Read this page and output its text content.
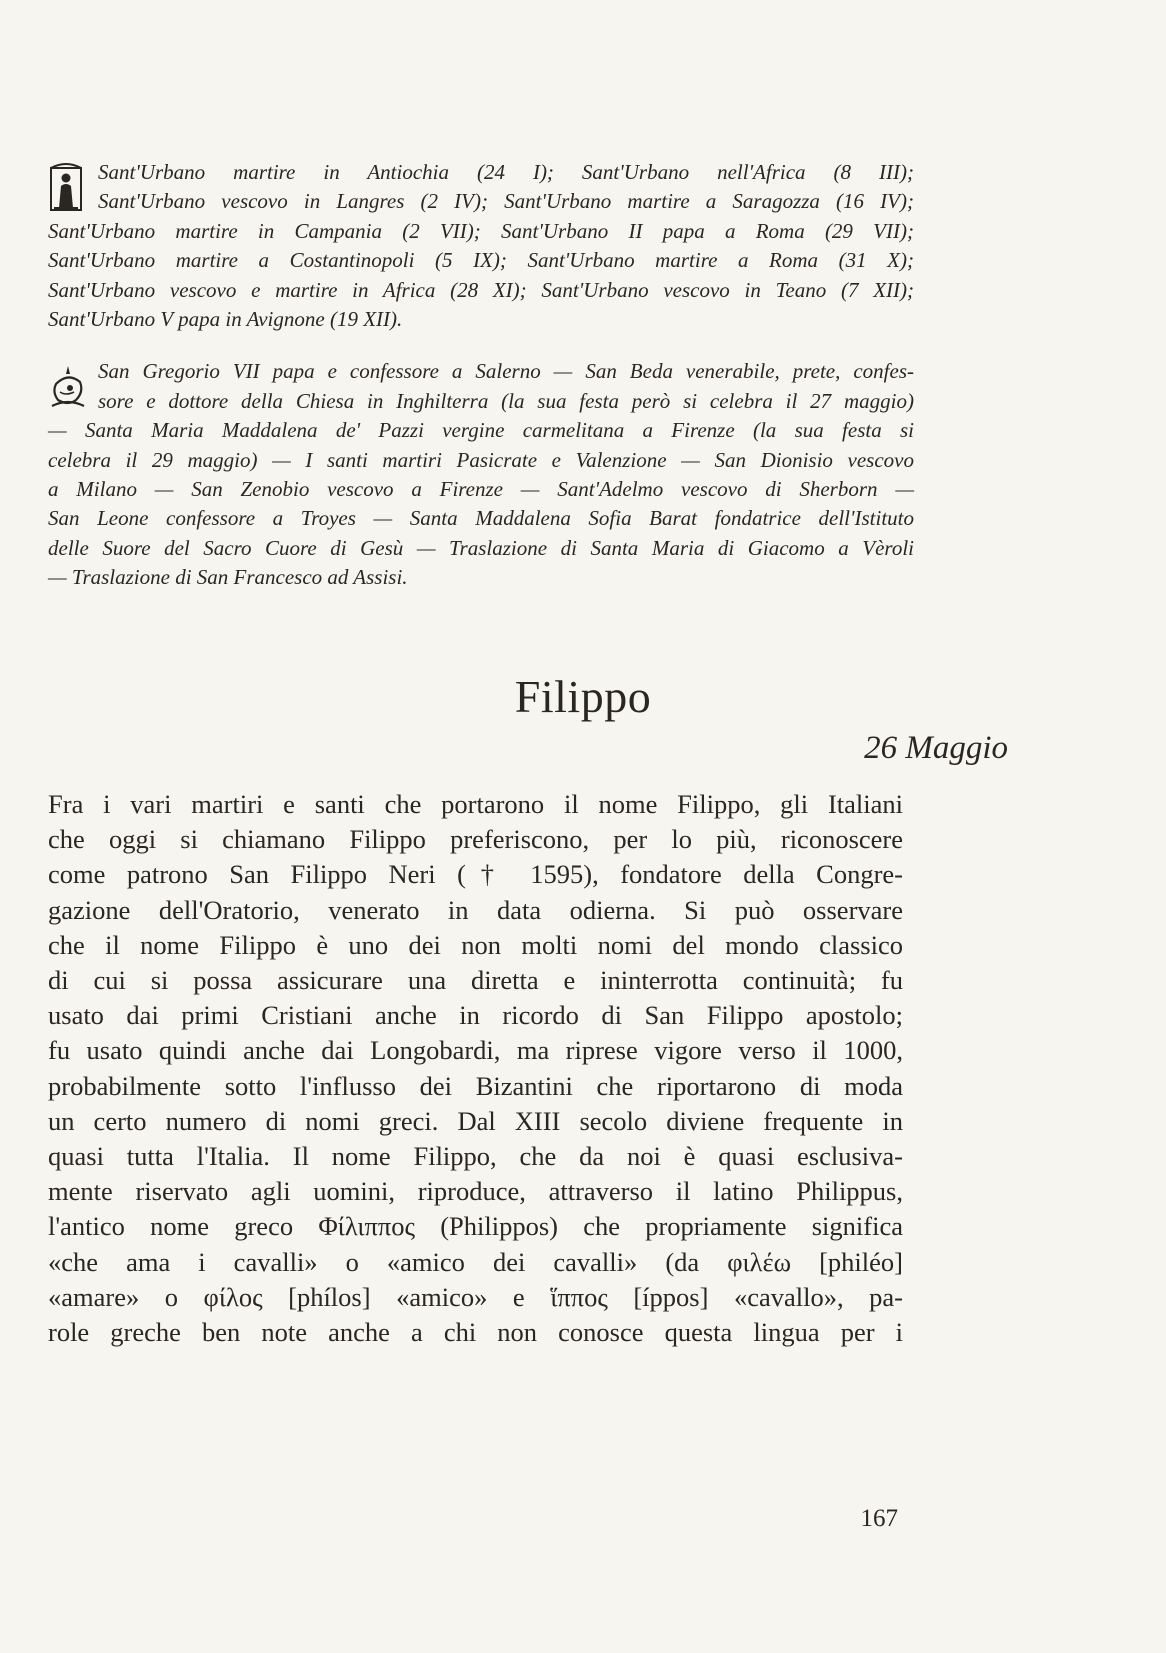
Sant'Urbano martire in Antiochia (24 I); Sant'Urbano nell'Africa (8 III);
Sant'Urbano vescovo in Langres (2 IV); Sant'Urbano martire a Saragozza (16 IV);
Sant'Urbano martire in Campania (2 VII); Sant'Urbano II papa a Roma (29 VII);
Sant'Urbano martire a Costantinopoli (5 IX); Sant'Urbano martire a Roma (31 X);
Sant'Urbano vescovo e martire in Africa (28 XI); Sant'Urbano vescovo in Teano (7 XII);
Sant'Urbano V papa in Avignone (19 XII).
San Gregorio VII papa e confessore a Salerno — San Beda venerabile, prete, confes-
sore e dottore della Chiesa in Inghilterra (la sua festa però si celebra il 27 maggio)
— Santa Maria Maddalena de' Pazzi vergine carmelitana a Firenze (la sua festa si
celebra il 29 maggio) — I santi martiri Pasicrate e Valenzione — San Dionisio vescovo
a Milano — San Zenobio vescovo a Firenze — Sant'Adelmo vescovo di Sherborn —
San Leone confessore a Troyes — Santa Maddalena Sofia Barat fondatrice dell'Istituto
delle Suore del Sacro Cuore di Gesù — Traslazione di Santa Maria di Giacomo a Vèroli
— Traslazione di San Francesco ad Assisi.
Filippo
26 Maggio
Fra i vari martiri e santi che portarono il nome Filippo, gli Italiani
che oggi si chiamano Filippo preferiscono, per lo più, riconoscere
come patrono San Filippo Neri († 1595), fondatore della Congre-
gazione dell'Oratorio, venerato in data odierna. Si può osservare
che il nome Filippo è uno dei non molti nomi del mondo classico
di cui si possa assicurare una diretta e ininterrotta continuità; fu
usato dai primi Cristiani anche in ricordo di San Filippo apostolo;
fu usato quindi anche dai Longobardi, ma riprese vigore verso il 1000,
probabilmente sotto l'influsso dei Bizantini che riportarono di moda
un certo numero di nomi greci. Dal XIII secolo diviene frequente in
quasi tutta l'Italia. Il nome Filippo, che da noi è quasi esclusiva-
mente riservato agli uomini, riproduce, attraverso il latino Philippus,
l'antico nome greco Φίλιππος (Philippos) che propriamente significa
«che ama i cavalli» o «amico dei cavalli» (da φιλέω [philéo]
«amare» o φίλος [phílos] «amico» e ἵππος [íppos] «cavallo», pa-
role greche ben note anche a chi non conosce questa lingua per i
167
